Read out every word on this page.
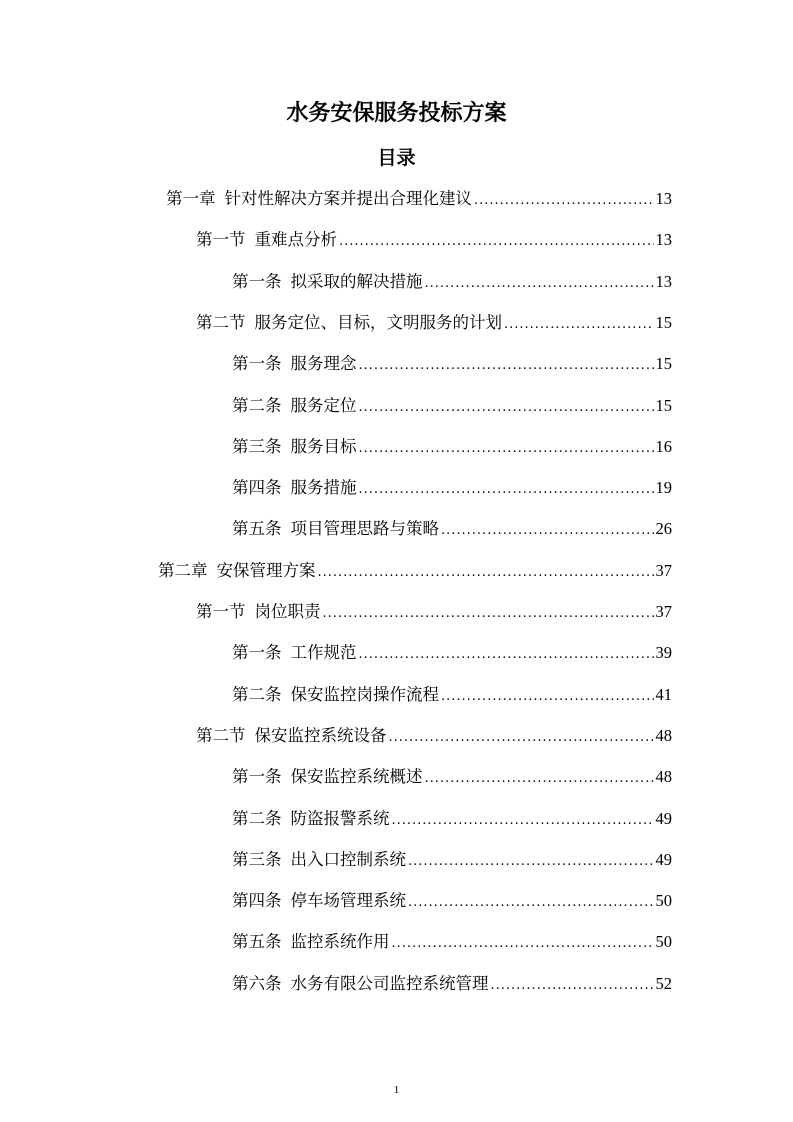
水务安保服务投标方案
目录
第一章 针对性解决方案并提出合理化建议 .....	13
第一节 重难点分析 .....	13
第一条 拟采取的解决措施 .....	13
第二节 服务定位、目标，文明服务的计划 .....	15
第一条 服务理念 .....	15
第二条 服务定位 .....	15
第三条 服务目标 .....	16
第四条 服务措施 .....	19
第五条 项目管理思路与策略 .....	26
第二章 安保管理方案 .....	37
第一节 岗位职责 .....	37
第一条 工作规范 .....	39
第二条 保安监控岗操作流程 .....	41
第二节 保安监控系统设备 .....	48
第一条 保安监控系统概述 .....	48
第二条 防盗报警系统 .....	49
第三条 出入口控制系统 .....	49
第四条 停车场管理系统 .....	50
第五条 监控系统作用 .....	50
第六条 水务有限公司监控系统管理 .....	52
1
